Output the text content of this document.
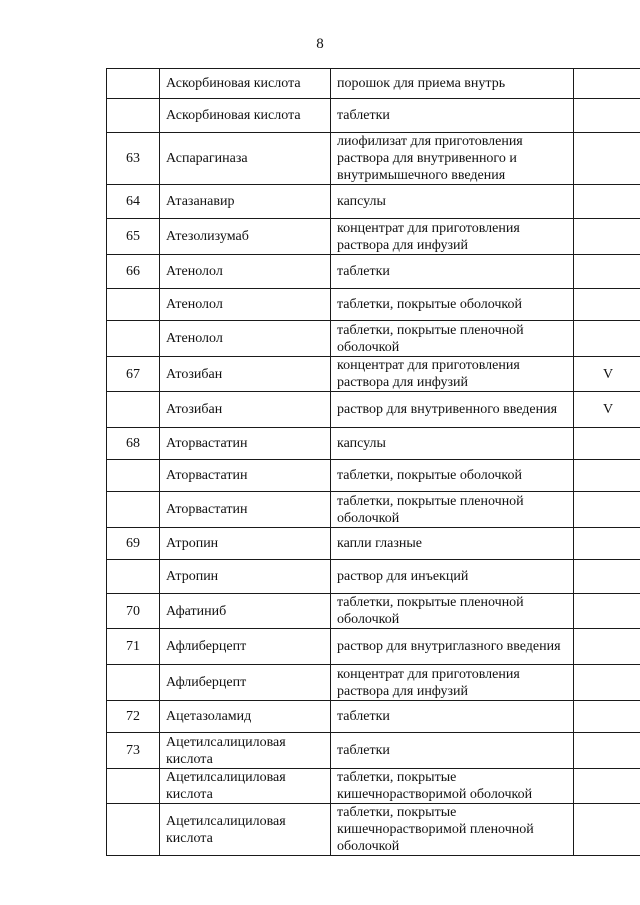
8
	Аскорбиновая кислота	порошок для приема внутрь	
	Аскорбиновая кислота	таблетки	
63	Аспарагиназа	лиофилизат для приготовления раствора для внутривенного и внутримышечного введения	
64	Атазанавир	капсулы	
65	Атезолизумаб	концентрат для приготовления раствора для инфузий	
66	Атенолол	таблетки	
	Атенолол	таблетки, покрытые оболочкой	
	Атенолол	таблетки, покрытые пленочной оболочкой	
67	Атозибан	концентрат для приготовления раствора для инфузий	V
	Атозибан	раствор для внутривенного введения	V
68	Аторвастатин	капсулы	
	Аторвастатин	таблетки, покрытые оболочкой	
	Аторвастатин	таблетки, покрытые пленочной оболочкой	
69	Атропин	капли глазные	
	Атропин	раствор для инъекций	
70	Афатиниб	таблетки, покрытые пленочной оболочкой	
71	Афлиберцепт	раствор для внутриглазного введения	
	Афлиберцепт	концентрат для приготовления раствора для инфузий	
72	Ацетазоламид	таблетки	
73	Ацетилсалициловая кислота	таблетки	
	Ацетилсалициловая кислота	таблетки, покрытые кишечнорастворимой оболочкой	
	Ацетилсалициловая кислота	таблетки, покрытые кишечнорастворимой пленочной оболочкой	
